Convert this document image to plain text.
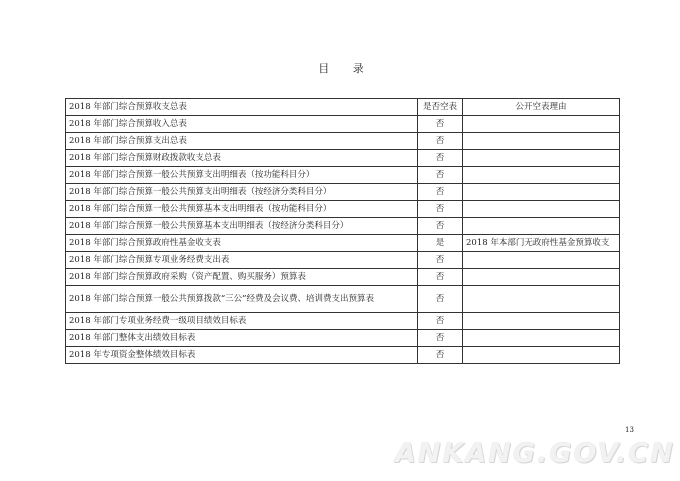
目 录
2018 年部门综合预算收支总表	是否空表	公开空表理由
2018 年部门综合预算收入总表	否	
2018 年部门综合预算支出总表	否	
2018 年部门综合预算财政拨款收支总表	否	
2018 年部门综合预算一般公共预算支出明细表（按功能科目分）	否	
2018 年部门综合预算一般公共预算支出明细表（按经济分类科目分）	否	
2018 年部门综合预算一般公共预算基本支出明细表（按功能科目分）	否	
2018 年部门综合预算一般公共预算基本支出明细表（按经济分类科目分）	否	
2018 年部门综合预算政府性基金收支表	是	2018 年本部门无政府性基金预算收支
2018 年部门综合预算专项业务经费支出表	否	
2018 年部门综合预算政府采购（资产配置、购买服务）预算表	否	
2018 年部门综合预算一般公共预算拨款“三公”经费及会议费、培训费支出预算表	否	
2018 年部门专项业务经费一级项目绩效目标表	否	
2018 年部门整体支出绩效目标表	否	
2018 年专项资金整体绩效目标表	否	
13
ANKANG.GOV.CN
